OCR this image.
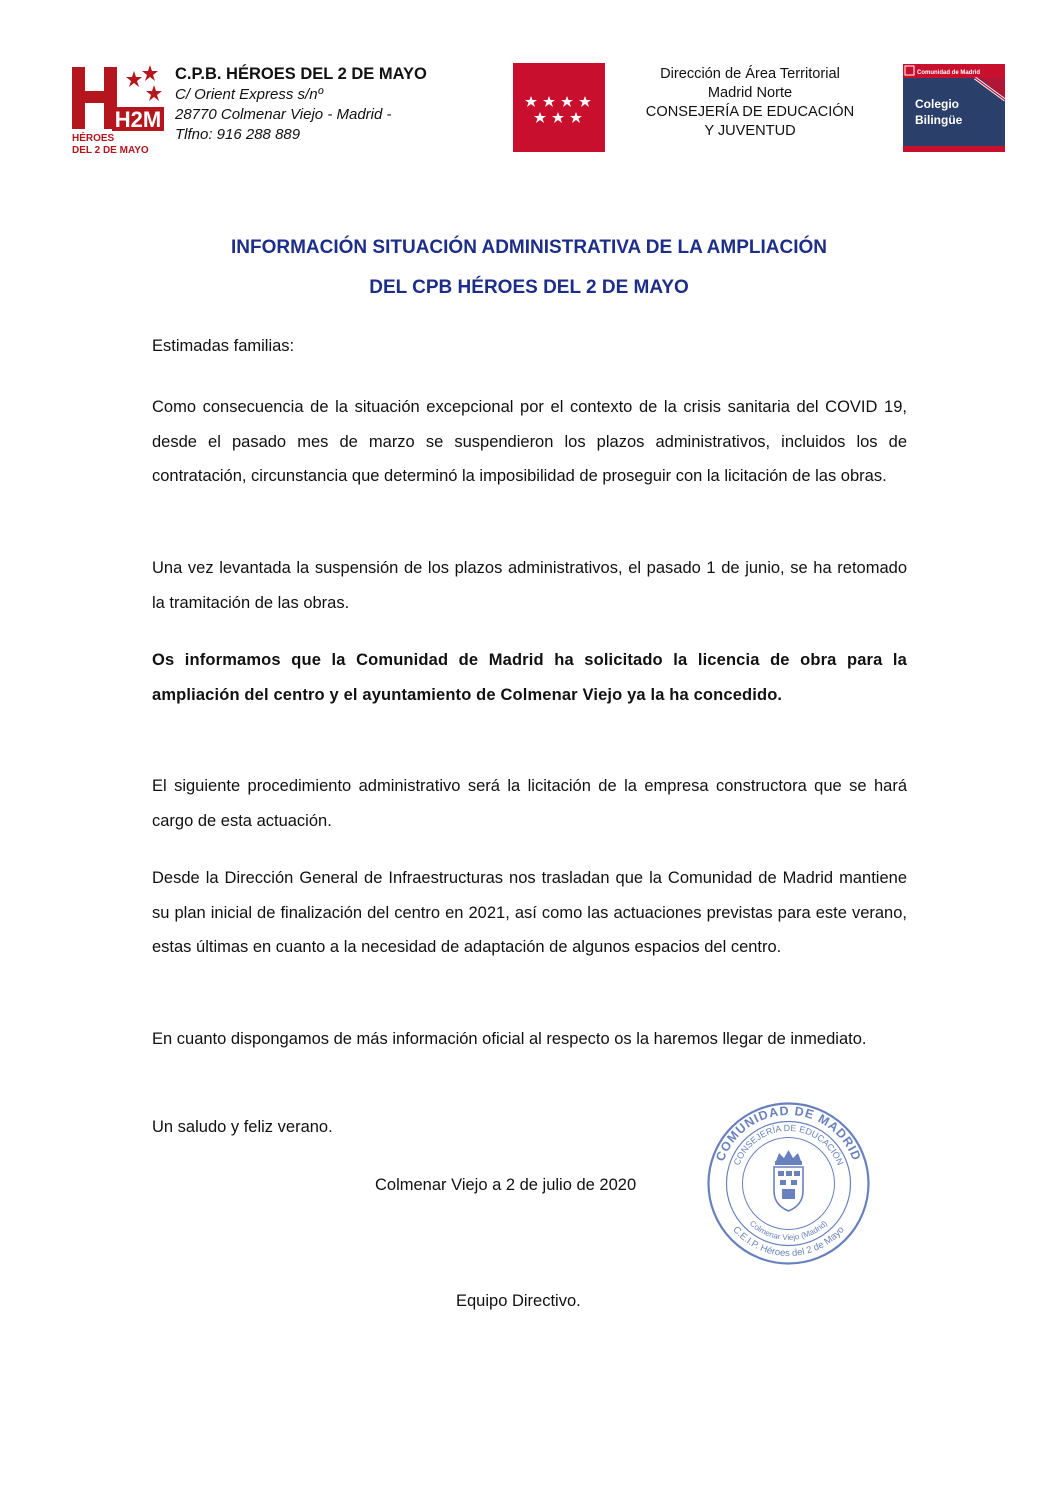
H2M
HÉROES
DEL 2 DE MAYO
C.P.B. HÉROES DEL 2 DE MAYO
C/ Orient Express s/nº
28770 Colmenar Viejo - Madrid -
Tlfno: 916 288 889
Dirección de Área Territorial
Madrid Norte
CONSEJERÍA DE EDUCACIÓN
Y JUVENTUD
Comunidad de Madrid
Colegio
Bilingüe
INFORMACIÓN SITUACIÓN ADMINISTRATIVA DE LA AMPLIACIÓN
DEL CPB HÉROES DEL 2 DE MAYO
Estimadas familias:
Como consecuencia de la situación excepcional por el contexto de la crisis sanitaria del COVID 19, desde el pasado mes de marzo se suspendieron los plazos administrativos, incluidos los de contratación, circunstancia que determinó la imposibilidad de proseguir con la licitación de las obras.
Una vez levantada la suspensión de los plazos administrativos, el pasado 1 de junio, se ha retomado la tramitación de las obras.
Os informamos que la Comunidad de Madrid ha solicitado la licencia de obra para la ampliación del centro y el ayuntamiento de Colmenar Viejo ya la ha concedido.
El siguiente procedimiento administrativo será la licitación de la empresa constructora que se hará cargo de esta actuación.
Desde la Dirección General de Infraestructuras nos trasladan que la Comunidad de Madrid mantiene su plan inicial de finalización del centro en 2021, así como las actuaciones previstas para este verano, estas últimas en cuanto a la necesidad de adaptación de algunos espacios del centro.
En cuanto dispongamos de más información oficial al respecto os la haremos llegar de inmediato.
Un saludo y feliz verano.
Colmenar Viejo a 2 de julio de 2020
Equipo Directivo.
COMUNIDAD DE MADRID
CONSEJERÍA DE EDUCACIÓN
C.E.I.P. Héroes del 2 de Mayo
Colmenar Viejo (Madrid)
